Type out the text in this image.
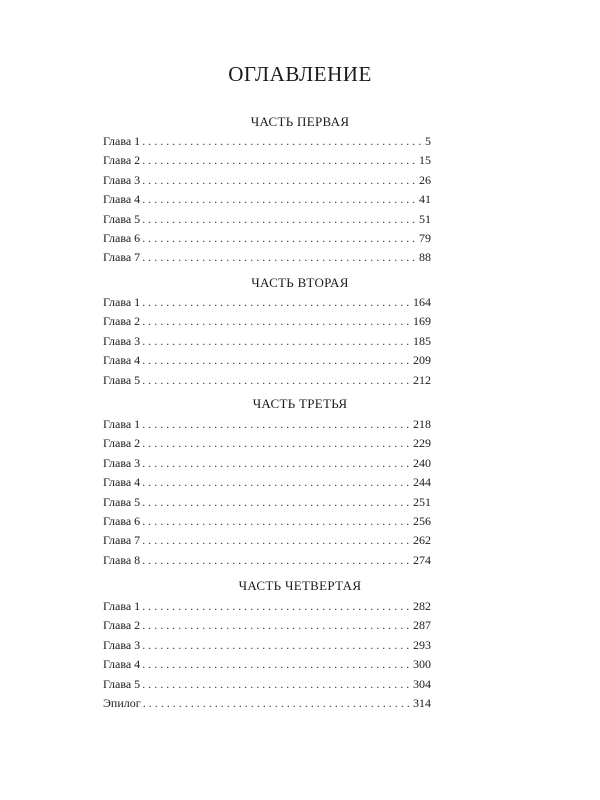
ОГЛАВЛЕНИЕ
ЧАСТЬ ПЕРВАЯ
Глава 1 . . .	5
Глава 2 . . .	15
Глава 3 . . .	26
Глава 4 . . .	41
Глава 5 . . .	51
Глава 6 . . .	79
Глава 7 . . .	88
ЧАСТЬ ВТОРАЯ
Глава 1 . . .	164
Глава 2 . . .	169
Глава 3 . . .	185
Глава 4 . . .	209
Глава 5 . . .	212
ЧАСТЬ ТРЕТЬЯ
Глава 1 . . .	218
Глава 2 . . .	229
Глава 3 . . .	240
Глава 4 . . .	244
Глава 5 . . .	251
Глава 6 . . .	256
Глава 7 . . .	262
Глава 8 . . .	274
ЧАСТЬ ЧЕТВЕРТАЯ
Глава 1 . . .	282
Глава 2 . . .	287
Глава 3 . . .	293
Глава 4 . . .	300
Глава 5 . . .	304
Эпилог . . .	314
